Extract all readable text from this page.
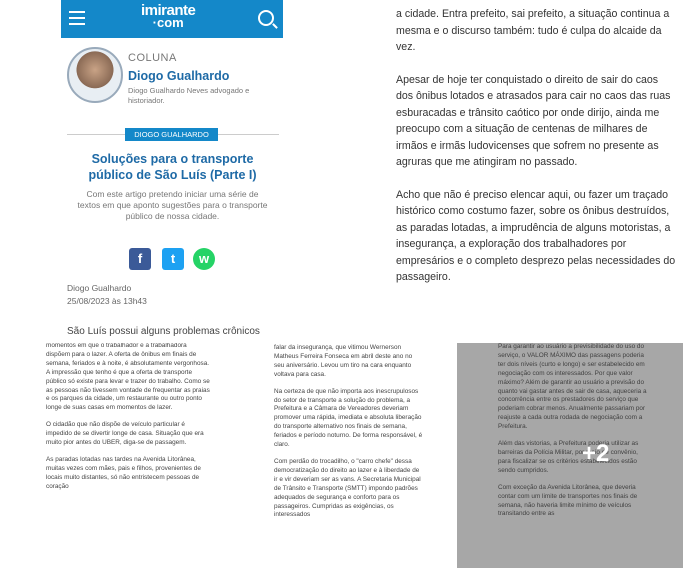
imirante
·com
COLUNA
Diogo Gualhardo
Diogo Gualhardo Neves advogado e historiador.
DIOGO GUALHARDO
Soluções para o transporte público de São Luís (Parte I)
Com este artigo pretendo iniciar uma série de textos em que aponto sugestões para o transporte público de nossa cidade.
f	t	w
Diogo Gualhardo
25/08/2023 às 13h43
São Luís possui alguns problemas crônicos

a cidade. Entra prefeito, sai prefeito, a situação continua a mesma e o discurso também: tudo é culpa do alcaide da vez.

Apesar de hoje ter conquistado o direito de sair do caos dos ônibus lotados e atrasados para cair no caos das ruas esburacadas e trânsito caótico por onde dirijo, ainda me preocupo com a situação de centenas de milhares de irmãos e irmãs ludovicenses que sofrem no presente as agruras que me atingiram no passado.

Acho que não é preciso elencar aqui, ou fazer um traçado histórico como costumo fazer, sobre os ônibus destruídos, as paradas lotadas, a imprudência de alguns motoristas, a insegurança, a exploração dos trabalhadores por empresários e o completo desprezo pelas necessidades do passageiro.

momentos em que o trabalhador e a trabalhadora dispõem para o lazer. A oferta de ônibus em finais de semana, feriados e à noite, é absolutamente vergonhosa. A impressão que tenho é que a oferta de transporte público só existe para levar e trazer do trabalho. Como se as pessoas não tivessem vontade de frequentar as praias e os parques da cidade, um restaurante ou outro ponto longe de suas casas em momentos de lazer.

O cidadão que não dispõe de veículo particular é impedido de se divertir longe de casa. Situação que era muito pior antes do UBER, diga-se de passagem.

As paradas lotadas nas tardes na Avenida Litorânea, muitas vezes com mães, pais e filhos, provenientes de locais muito distantes, só não entristecem pessoas de coração

falar da insegurança, que vitimou Wernerson Matheus Ferreira Fonseca em abril deste ano no seu aniversário. Levou um tiro na cara enquanto voltava para casa.

Na certeza de que não importa aos inescrupulosos do setor de transporte a solução do problema, a Prefeitura e a Câmara de Vereadores deveriam promover uma rápida, imediata e absoluta liberação do transporte alternativo nos finais de semana, feriados e período noturno. De forma responsável, é claro.

Com perdão do trocadilho, o "carro chefe" dessa democratização do direito ao lazer e à liberdade de ir e vir deveriam ser as vans. A Secretaria Municipal de Trânsito e Transporte (SMTT) impondo padrões adequados de segurança e conforto para os passageiros. Cumpridas as exigências, os interessados

Para garantir ao usuário a previsibilidade do uso do serviço, o VALOR MÁXIMO das passagens poderia ter dois níveis (curto e longo) e ser estabelecido em negociação com os interessados. Por que valor máximo? Além de garantir ao usuário a previsão do quanto vai gastar antes de sair de casa, aqueceria a concorrência entre os prestadores do serviço que poderiam cobrar menos. Anualmente passariam por reajuste a cada outra rodada de negociação com a Prefeitura.

Além das vistorias, a Prefeitura poderia utilizar as barreiras da Polícia Militar, por meio de convênio, para fiscalizar se os critérios estabelecidos estão sendo cumpridos.

Com exceção da Avenida Litorânea, que deveria contar com um limite de transportes nos finais de semana, não haveria limite mínimo de veículos transitando entre as

+2
